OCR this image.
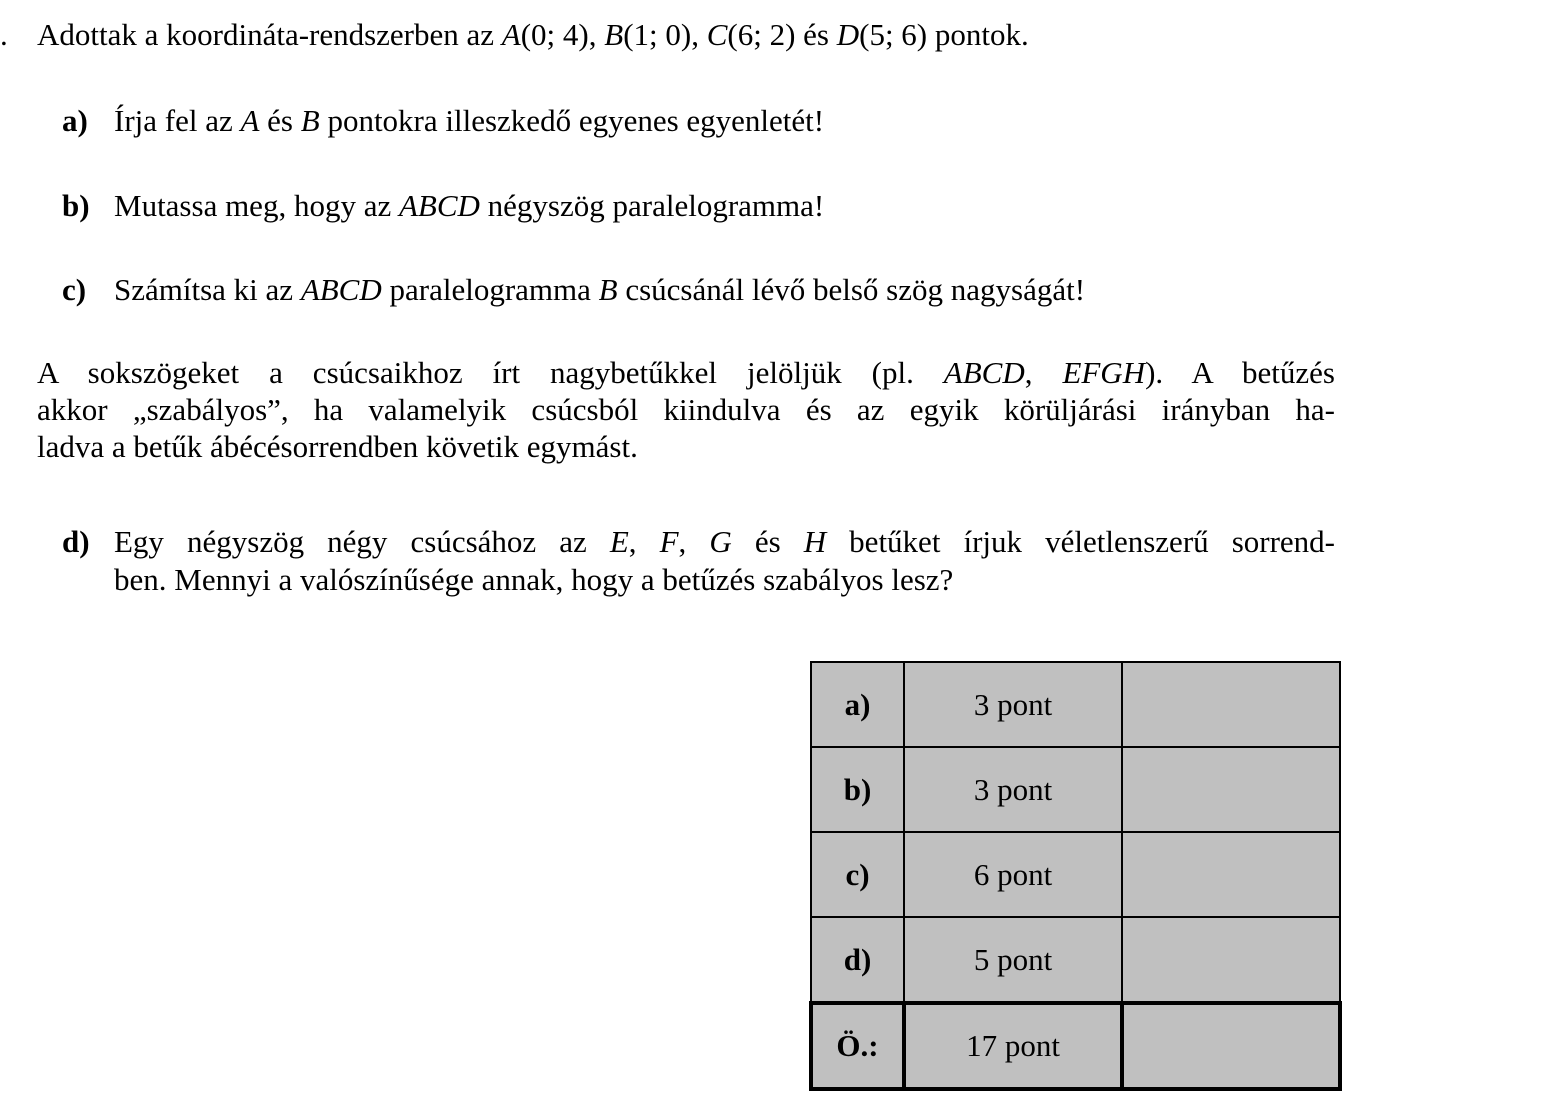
. Adottak a koordináta-rendszerben az A(0; 4), B(1; 0), C(6; 2) és D(5; 6) pontok.
a) Írja fel az A és B pontokra illeszkedő egyenes egyenletét!
b) Mutassa meg, hogy az ABCD négyszög paralelogramma!
c) Számítsa ki az ABCD paralelogramma B csúcsánál lévő belső szög nagyságát!
A sokszögeket a csúcsaikhoz írt nagybetűkkel jelöljük (pl. ABCD, EFGH). A betűzés
akkor „szabályos”, ha valamelyik csúcsból kiindulva és az egyik körüljárási irányban ha-
ladva a betűk ábécésorrendben követik egymást.
d) Egy négyszög négy csúcsához az E, F, G és H betűket írjuk véletlenszerű sorrend-
ben. Mennyi a valószínűsége annak, hogy a betűzés szabályos lesz?
a)	3 pont	
b)	3 pont	
c)	6 pont	
d)	5 pont	
Ö.:	17 pont	
